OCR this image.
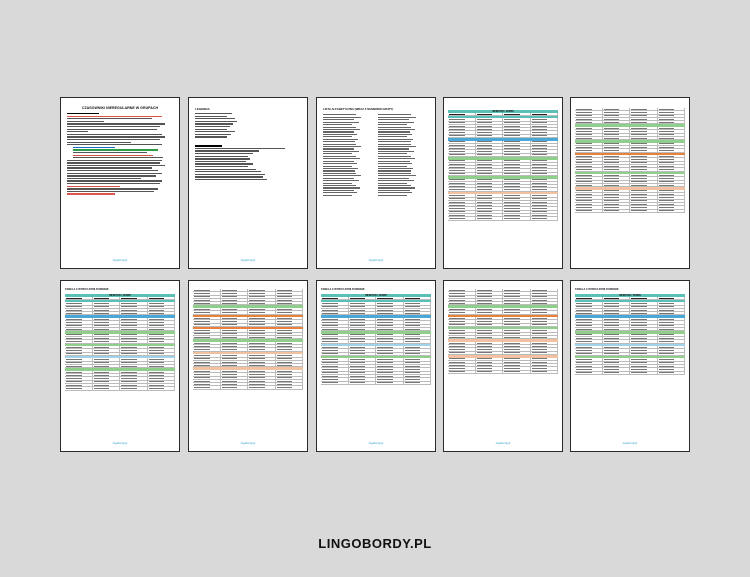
CZASOWNIKI NIEREGULARNE W GRUPACH
lingobordy.pl
LEGENDA
lingobordy.pl
LISTA ALFABETYCZNA (WRAZ Z NUMEREM GRUPY)
lingobordy.pl
INFINITIVE / VERBS
TABELA Z WYROZ-NYMI FORMAMI
INFINITIVE / VERBS
lingobordy.pl	lingobordy.pl
TABELA Z WYROZ-NYMI FORMAMI
INFINITIVE / VERBS
lingobordy.pl	lingobordy.pl
TABELA Z WYROZ-NYMI FORMAMI
INFINITIVE / VERBS
lingobordy.pl
LINGOBORDY.PL
